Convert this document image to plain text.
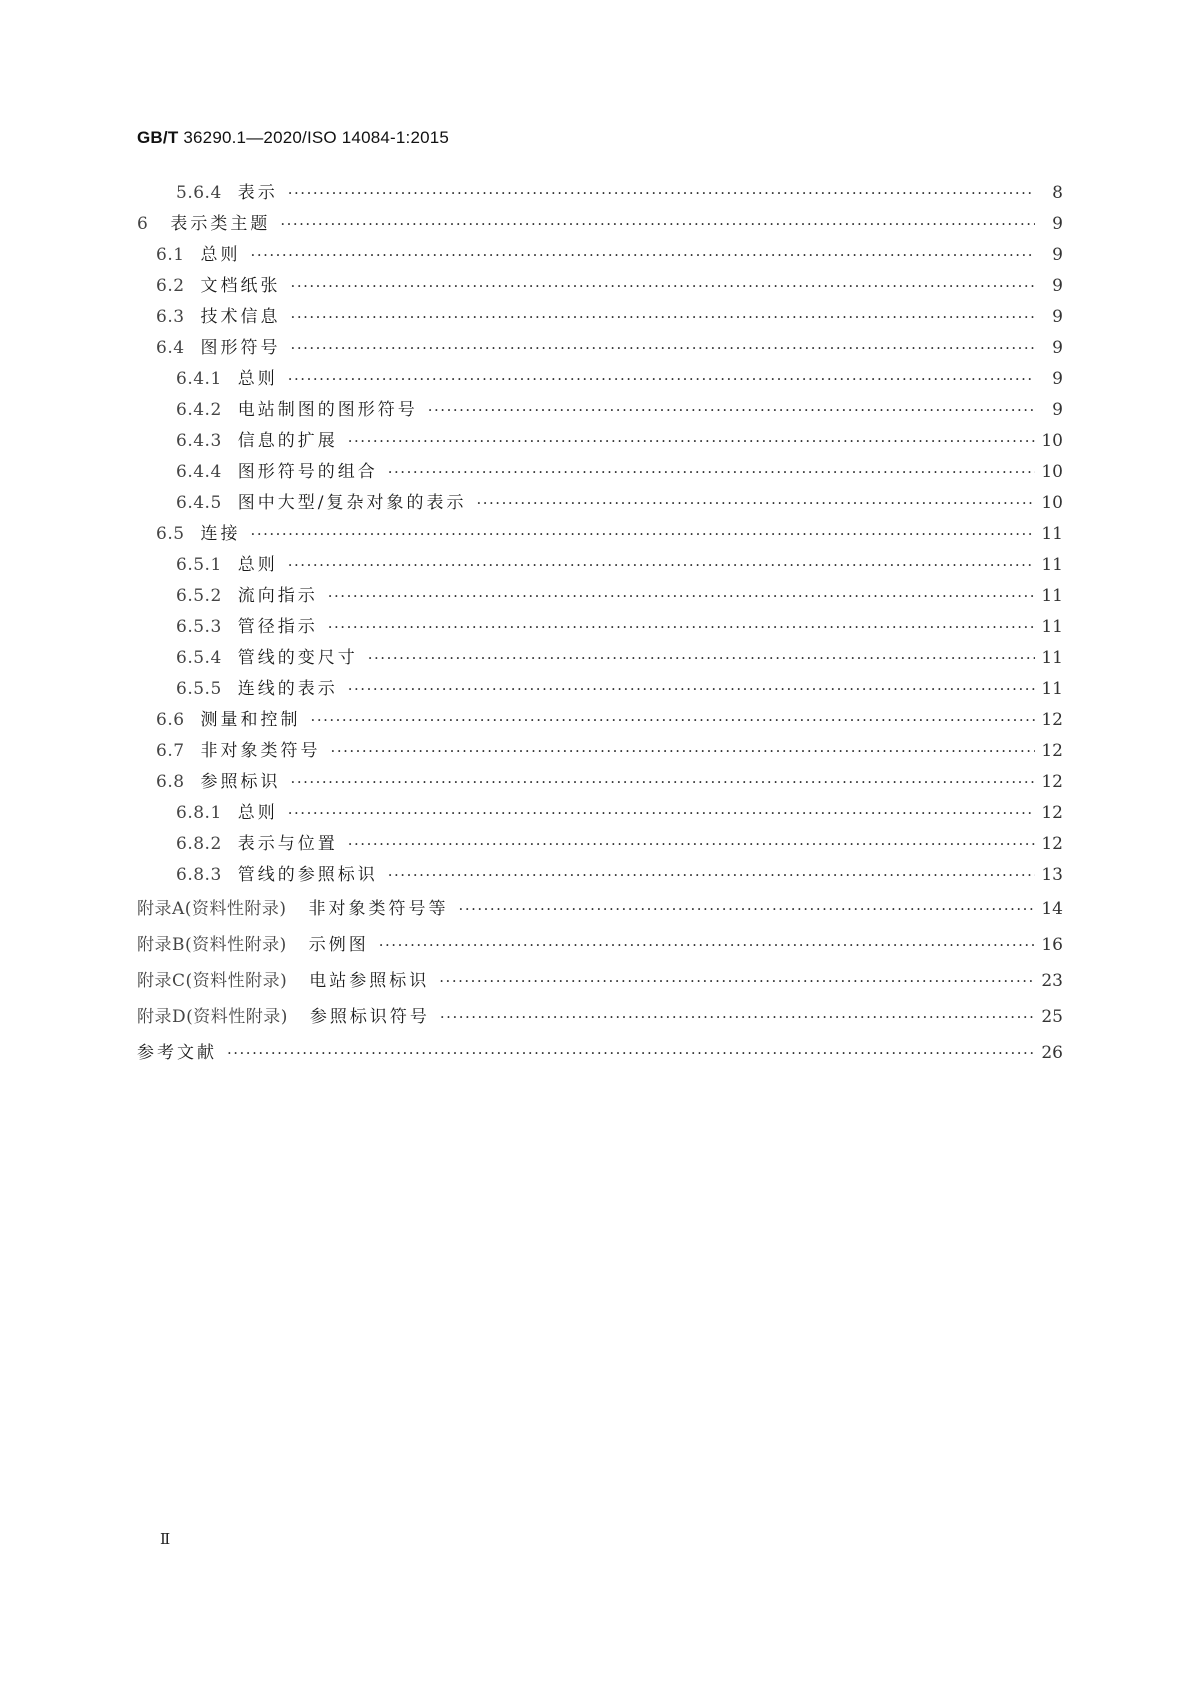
GB/T 36290.1—2020/ISO 14084-1:2015
5.6.4 表示 ·····	8
6 表示类主题 ·····	9
6.1 总则 ·····	9
6.2 文档纸张 ·····	9
6.3 技术信息 ·····	9
6.4 图形符号 ·····	9
6.4.1 总则 ·····	9
6.4.2 电站制图的图形符号 ·····	9
6.4.3 信息的扩展 ·····	10
6.4.4 图形符号的组合 ·····	10
6.4.5 图中大型/复杂对象的表示 ·····	10
6.5 连接 ·····	11
6.5.1 总则 ·····	11
6.5.2 流向指示 ·····	11
6.5.3 管径指示 ·····	11
6.5.4 管线的变尺寸 ·····	11
6.5.5 连线的表示 ·····	11
6.6 测量和控制 ·····	12
6.7 非对象类符号 ·····	12
6.8 参照标识 ·····	12
6.8.1 总则 ·····	12
6.8.2 表示与位置 ·····	12
6.8.3 管线的参照标识 ·····	13
附录A(资料性附录) 非对象类符号等 ·····	14
附录B(资料性附录) 示例图 ·····	16
附录C(资料性附录) 电站参照标识 ·····	23
附录D(资料性附录) 参照标识符号 ·····	25
参考文献 ·····	26
Ⅱ
